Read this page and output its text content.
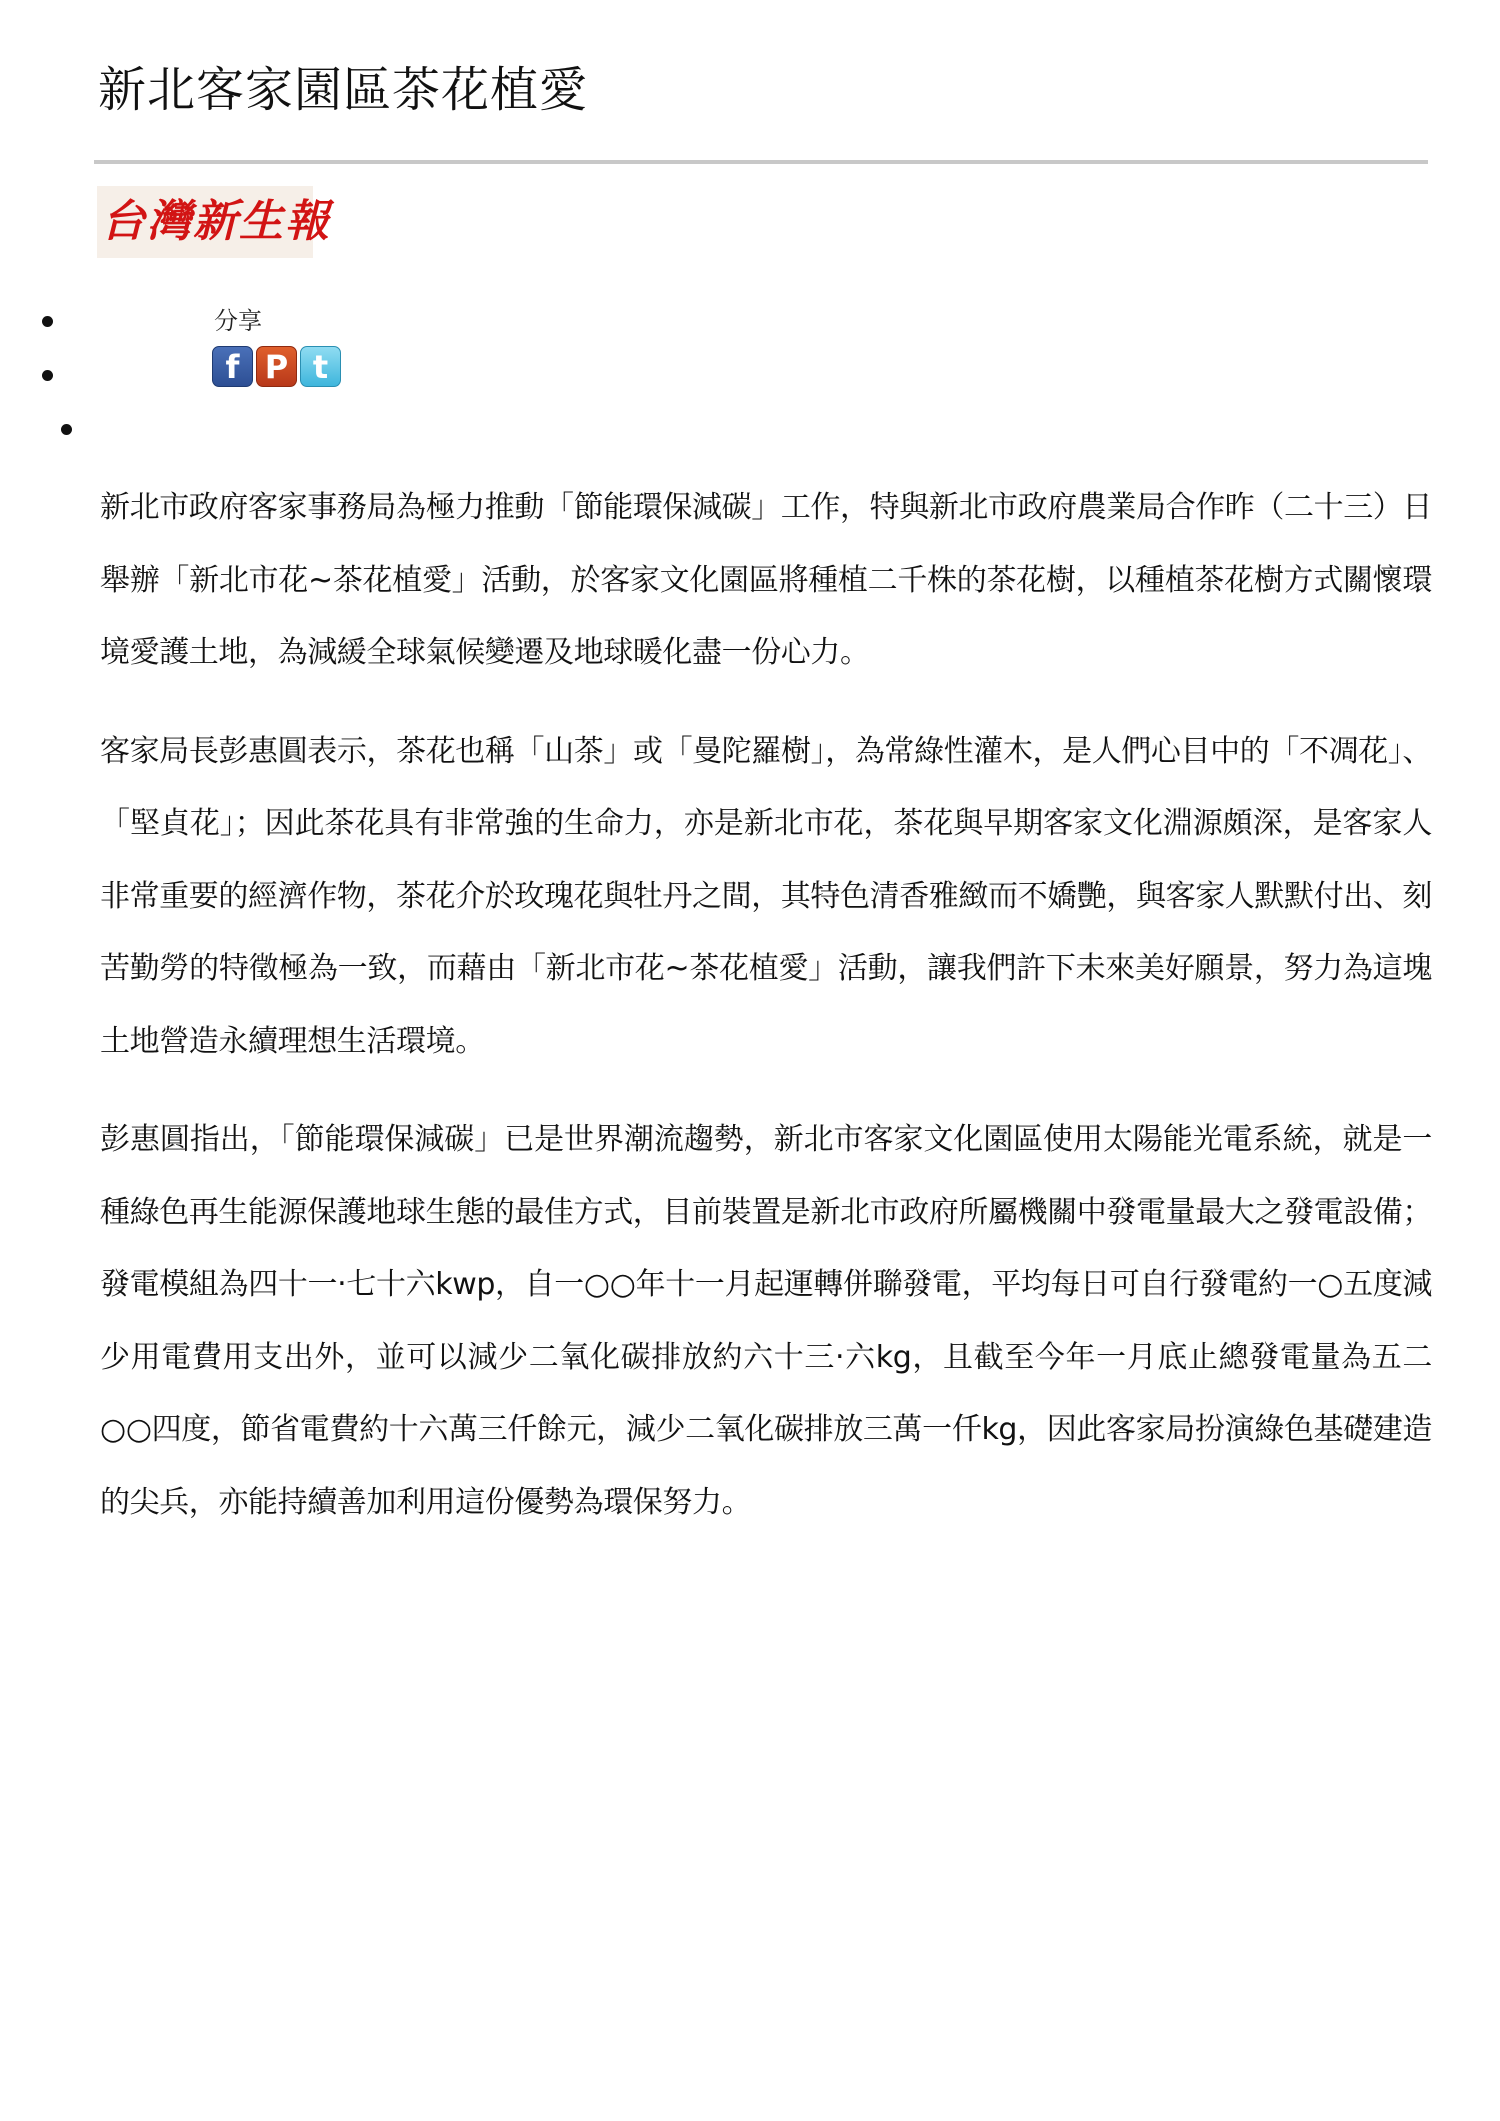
新北客家園區茶花植愛
台灣新生報
分享
f P t

新北市政府客家事務局為極力推動「節能環保減碳」工作，特與新北市政府農業局合作昨（二十三）日舉辦「新北市花~茶花植愛」活動，於客家文化園區將種植二千株的茶花樹，以種植茶花樹方式關懷環境愛護土地，為減緩全球氣候變遷及地球暖化盡一份心力。

客家局長彭惠圓表示，茶花也稱「山茶」或「曼陀羅樹」，為常綠性灌木，是人們心目中的「不凋花」、「堅貞花」；因此茶花具有非常強的生命力，亦是新北市花，茶花與早期客家文化淵源頗深，是客家人非常重要的經濟作物，茶花介於玫瑰花與牡丹之間，其特色清香雅緻而不嬌艷，與客家人默默付出、刻苦勤勞的特徵極為一致，而藉由「新北市花~茶花植愛」活動，讓我們許下未來美好願景，努力為這塊土地營造永續理想生活環境。

彭惠圓指出，「節能環保減碳」已是世界潮流趨勢，新北市客家文化園區使用太陽能光電系統，就是一種綠色再生能源保護地球生態的最佳方式，目前裝置是新北市政府所屬機關中發電量最大之發電設備；發電模組為四十一‧七十六kwp，自一○○年十一月起運轉併聯發電，平均每日可自行發電約一○五度減少用電費用支出外，並可以減少二氧化碳排放約六十三‧六kg，且截至今年一月底止總發電量為五二○○四度，節省電費約十六萬三仟餘元，減少二氧化碳排放三萬一仟kg，因此客家局扮演綠色基礎建造的尖兵，亦能持續善加利用這份優勢為環保努力。
